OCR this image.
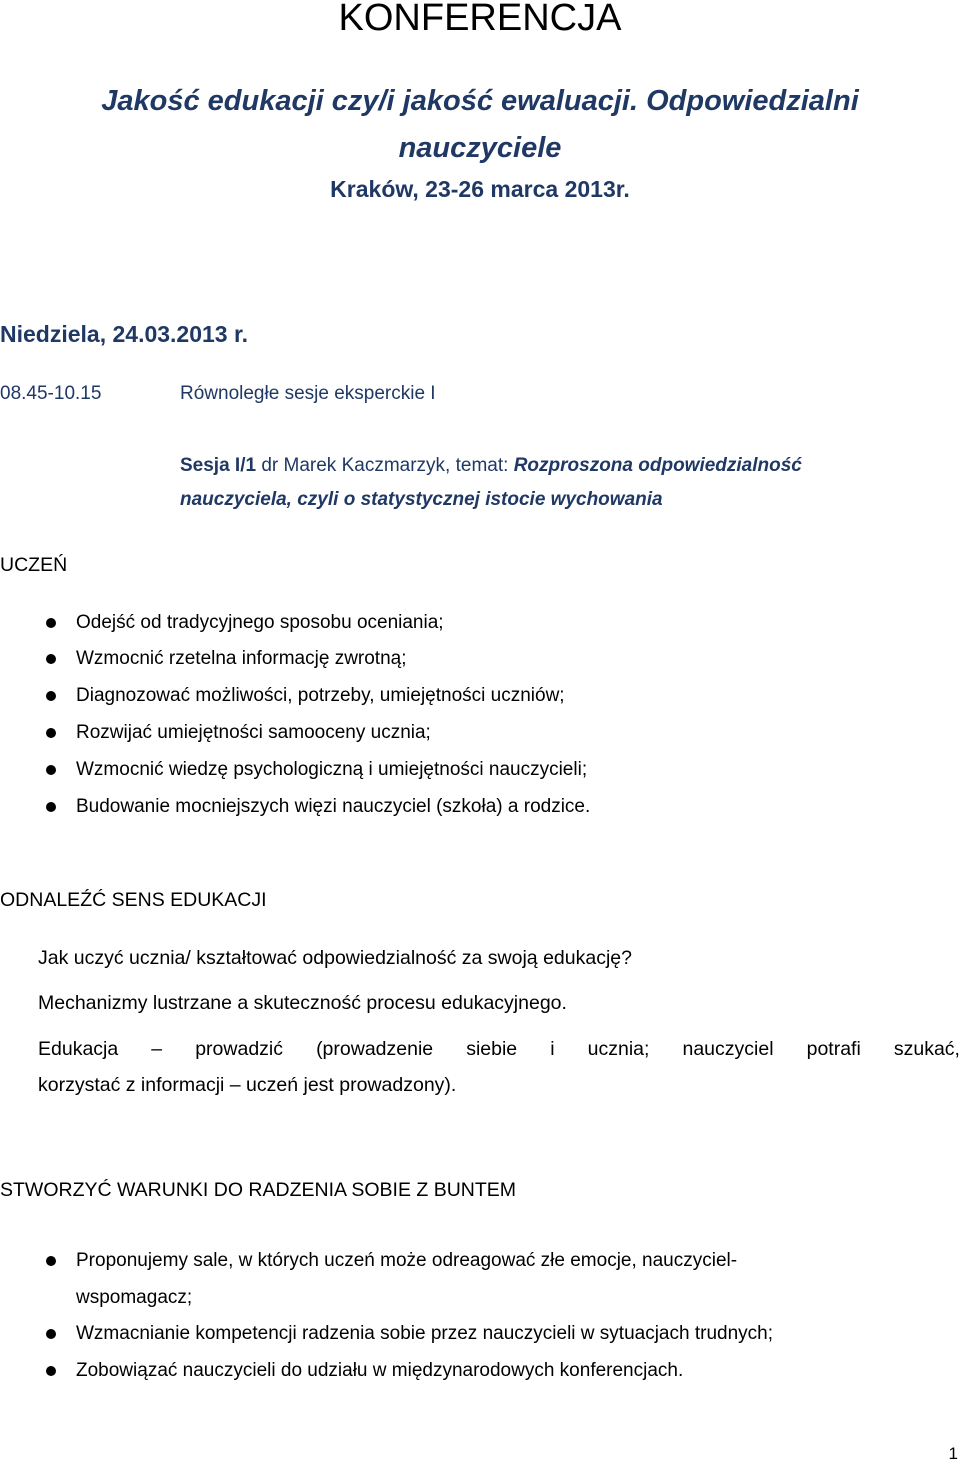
KONFERENCJA
Jakość edukacji czy/i jakość ewaluacji. Odpowiedzialni
nauczyciele
Kraków, 23-26 marca 2013r.
Niedziela, 24.03.2013 r.
08.45-10.15	Równoległe sesje eksperckie I
Sesja I/1 dr Marek Kaczmarzyk, temat: Rozproszona odpowiedzialność
nauczyciela, czyli o statystycznej istocie wychowania
UCZEŃ
Odejść od tradycyjnego sposobu oceniania;
Wzmocnić rzetelna informację zwrotną;
Diagnozować możliwości, potrzeby, umiejętności uczniów;
Rozwijać umiejętności samooceny ucznia;
Wzmocnić wiedzę psychologiczną i umiejętności nauczycieli;
Budowanie mocniejszych więzi nauczyciel (szkoła) a rodzice.
ODNALEŹĆ SENS EDUKACJI
Jak uczyć ucznia/ kształtować odpowiedzialność za swoją edukację?
Mechanizmy lustrzane a skuteczność procesu edukacyjnego.
Edukacja – prowadzić (prowadzenie siebie i ucznia; nauczyciel potrafi szukać,
korzystać z informacji – uczeń jest prowadzony).
STWORZYĆ WARUNKI DO RADZENIA SOBIE Z BUNTEM
Proponujemy sale, w których uczeń może odreagować złe emocje, nauczyciel-
wspomagacz;
Wzmacnianie kompetencji radzenia sobie przez nauczycieli w sytuacjach trudnych;
Zobowiązać nauczycieli do udziału w międzynarodowych konferencjach.
1
